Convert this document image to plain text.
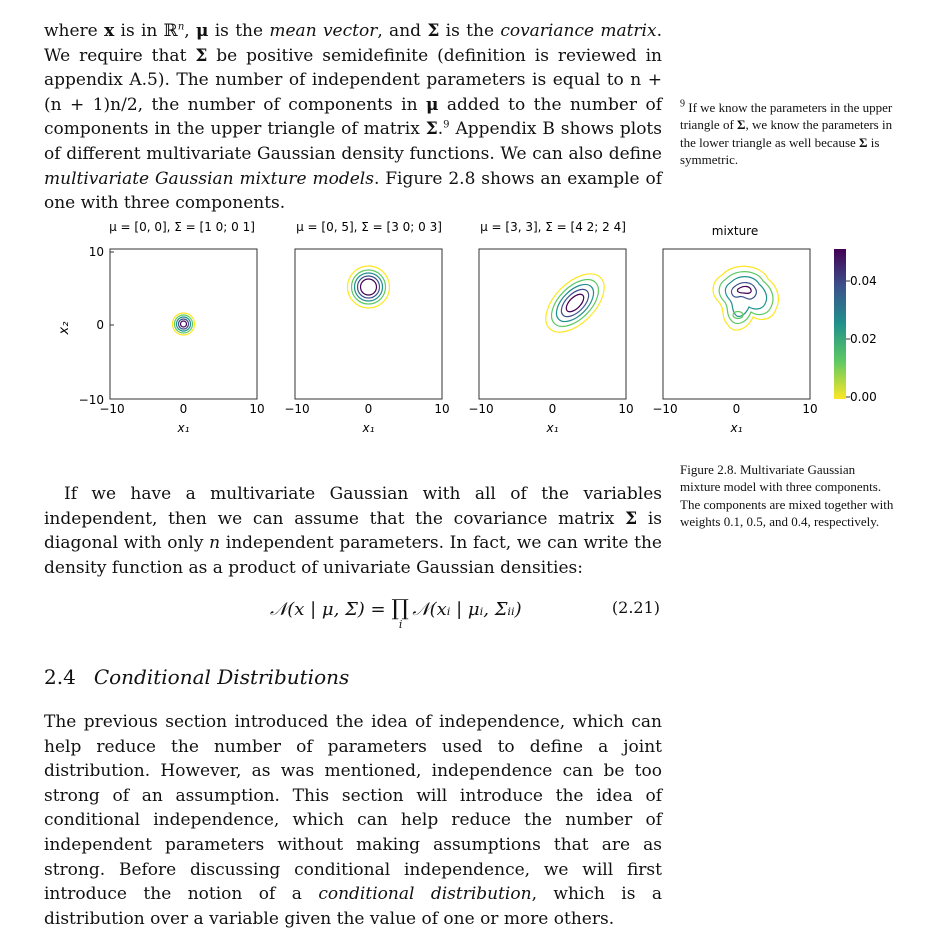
where x is in ℝ$^n$, μ is the mean vector, and Σ is the covariance matrix. We require that Σ be positive semidefinite (definition is reviewed in appendix A.5). The number of independent parameters is equal to n + (n + 1)n/2, the number of components in μ added to the number of components in the upper triangle of matrix Σ.$^9$ Appendix B shows plots of different multivariate Gaussian density functions. We can also define multivariate Gaussian mixture models. Figure 2.8 shows an example of one with three components.

$^9$ If we know the parameters in the upper triangle of Σ, we know the parameters in the lower triangle as well because Σ is symmetric.

x₂
10
0
−10
μ = [0, 0], Σ = [1 0; 0 1]
−10	0	10
x₁
μ = [0, 5], Σ = [3 0; 0 3]
−10	0	10
x₁
μ = [3, 3], Σ = [4 2; 2 4]
−10	0	10
x₁
mixture
−10	0	10
x₁
0.04
0.02
0.00

Figure 2.8. Multivariate Gaussian mixture model with three components. The components are mixed together with weights 0.1, 0.5, and 0.4, respectively.

If we have a multivariate Gaussian with all of the variables independent, then we can assume that the covariance matrix Σ is diagonal with only n independent parameters. In fact, we can write the density function as a product of univariate Gaussian densities:

𝒩(x | μ, $\Sigma) = \prod_i𝒩(xᵢ$ | μᵢ, Σᵢᵢ)	(2.21)
2.4 Conditional Distributions

The previous section introduced the idea of independence, which can help reduce the number of parameters used to define a joint distribution. However, as was mentioned, independence can be too strong of an assumption. This section will introduce the idea of conditional independence, which can help reduce the number of independent parameters without making assumptions that are as strong. Before discussing conditional independence, we will first introduce the notion of a conditional distribution, which is a distribution over a variable given the value of one or more others.
